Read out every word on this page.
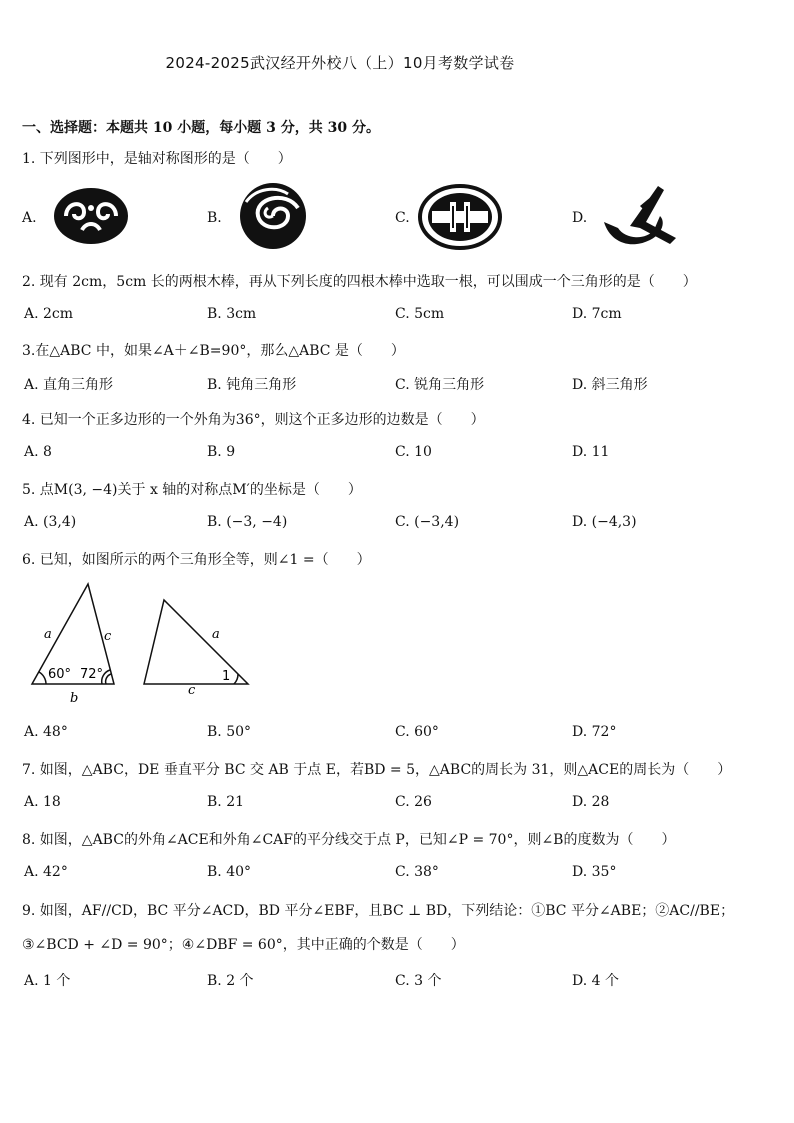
2024-2025武汉经开外校八（上）10月考数学试卷
一、选择题：本题共 10 小题，每小题 3 分，共 30 分。
1. 下列图形中，是轴对称图形的是（　　）
A.	B.	C.	D.
2. 现有 2cm，5cm 长的两根木棒，再从下列长度的四根木棒中选取一根，可以围成一个三角形的是（　　）
A. 2cm	B. 3cm	C. 5cm	D. 7cm
3.在△ABC 中，如果∠A＋∠B=90°，那么△ABC 是（　　）
A. 直角三角形	B. 钝角三角形	C. 锐角三角形	D. 斜三角形
4. 已知一个正多边形的一个外角为36°，则这个正多边形的边数是（　　）
A. 8	B. 9	C. 10	D. 11
5. 点M(3, −4)关于 x 轴的对称点M′的坐标是（　　）
A. (3,4)	B. (−3, −4)	C. (−3,4)	D. (−4,3)
6. 已知，如图所示的两个三角形全等，则∠1 =（　　）
a	c
b
60° 72°
a
c
1
A. 48°	B. 50°	C. 60°	D. 72°
7. 如图，△ABC，DE 垂直平分 BC 交 AB 于点 E，若BD = 5，△ABC的周长为 31，则△ACE的周长为（　　）
A. 18	B. 21	C. 26	D. 28
8. 如图，△ABC的外角∠ACE和外角∠CAF的平分线交于点 P，已知∠P = 70°，则∠B的度数为（　　）
A. 42°	B. 40°	C. 38°	D. 35°
9. 如图，AF//CD，BC 平分∠ACD，BD 平分∠EBF，且BC ⊥ BD，下列结论：①BC 平分∠ABE；②AC//BE；
③∠BCD + ∠D = 90°；④∠DBF = 60°，其中正确的个数是（　　）
A. 1 个	B. 2 个	C. 3 个	D. 4 个
